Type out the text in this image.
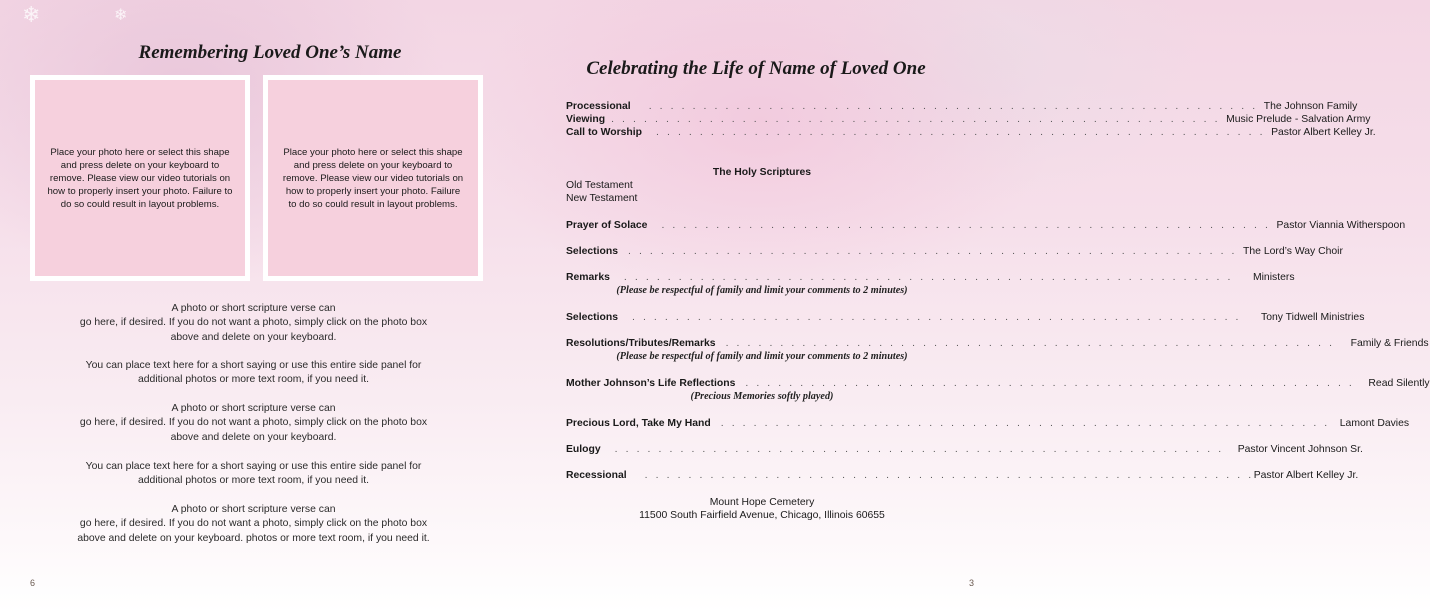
❄	❄
Remembering Loved One’s Name
Place your photo here or select this shape and press delete on your keyboard to remove. Please view our video tutorials on how to properly insert your photo. Failure to do so could result in layout problems.
Place your photo here or select this shape and press delete on your keyboard to remove. Please view our video tutorials on how to properly insert your photo. Failure to do so could result in layout problems.

A photo or short scripture verse can

go here, if desired. If you do not want a photo, simply click on the photo box

above and delete on your keyboard.

You can place text here for a short saying or use this entire side panel for

additional photos or more text room, if you need it.

A photo or short scripture verse can

go here, if desired. If you do not want a photo, simply click on the photo box

above and delete on your keyboard.

You can place text here for a short saying or use this entire side panel for

additional photos or more text room, if you need it.

A photo or short scripture verse can

go here, if desired. If you do not want a photo, simply click on the photo box

above and delete on your keyboard. photos or more text room, if you need it.

6
Celebrating the Life of Name of Loved One
Processional	. . . . . . . . . . . . . . . . . . . . . . . . . . . . . . . . . . . . . . . . . . . . . . . . . . . . . . . . The Johnson Family
Viewing . . . . . . . . . . . . . . . . . . . . . . . . . . . . . . . . . . . . . . . . . . . . . . . . . . . . . . . . Music Prelude - Salvation Army
Call to Worship	. . . . . . . . . . . . . . . . . . . . . . . . . . . . . . . . . . . . . . . . . . . . . . . . . . . . . . . . Pastor Albert Kelley Jr.
The Holy Scriptures
Old Testament
New Testament
Prayer of Solace	. . . . . . . . . . . . . . . . . . . . . . . . . . . . . . . . . . . . . . . . . . . . . . . . . . . . . . . . Pastor Viannia Witherspoon
Selections . . . . . . . . . . . . . . . . . . . . . . . . . . . . . . . . . . . . . . . . . . . . . . . . . . . . . . . . The Lord’s Way Choir
Remarks	. . . . . . . . . . . . . . . . . . . . . . . . . . . . . . . . . . . . . . . . . . . . . . . . . . . . . . . .	Ministers
(Please be respectful of family and limit your comments to 2 minutes)
Selections	. . . . . . . . . . . . . . . . . . . . . . . . . . . . . . . . . . . . . . . . . . . . . . . . . . . . . . . .	Tony Tidwell Ministries
Resolutions/Tributes/Remarks . . . . . . . . . . . . . . . . . . . . . . . . . . . . . . . . . . . . . . . . . . . . . . . . . . . . . . . .	Family & Friends
(Please be respectful of family and limit your comments to 2 minutes)
Mother Johnson’s Life Reflections . . . . . . . . . . . . . . . . . . . . . . . . . . . . . . . . . . . . . . . . . . . . . . . . . . . . . . . .	Read Silently
(Precious Memories softly played)
Precious Lord, Take My Hand . . . . . . . . . . . . . . . . . . . . . . . . . . . . . . . . . . . . . . . . . . . . . . . . . . . . . . . . Lamont Davies
Eulogy	. . . . . . . . . . . . . . . . . . . . . . . . . . . . . . . . . . . . . . . . . . . . . . . . . . . . . . . .	Pastor Vincent Johnson Sr.
Recessional	. . . . . . . . . . . . . . . . . . . . . . . . . . . . . . . . . . . . . . . . . . . . . . . . . . . . . . . . Pastor Albert Kelley Jr.
Mount Hope Cemetery
11500 South Fairfield Avenue, Chicago, Illinois 60655
3
